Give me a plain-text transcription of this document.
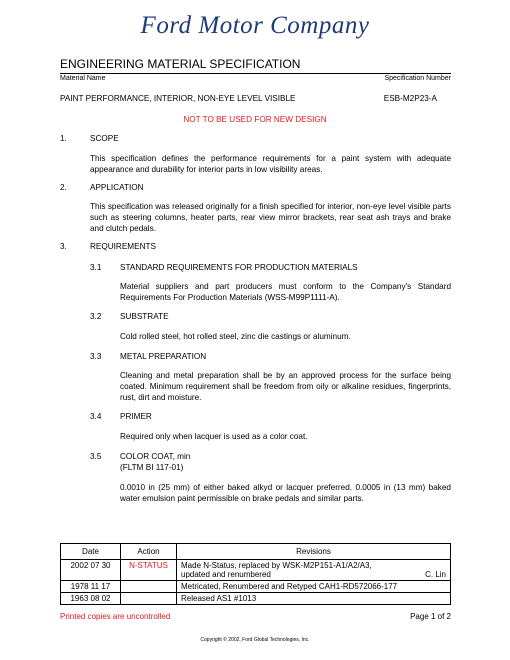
Ford Motor Company
ENGINEERING MATERIAL SPECIFICATION
Material Name	Specification Number
PAINT PERFORMANCE, INTERIOR, NON-EYE LEVEL VISIBLE	ESB-M2P23-A
NOT TO BE USED FOR NEW DESIGN
1.	SCOPE
This specification defines the performance requirements for a paint system with adequate appearance and durability for interior parts in low visibility areas.
2.	APPLICATION
This specification was released originally for a finish specified for interior, non-eye level visible parts such as steering columns, heater parts, rear view mirror brackets, rear seat ash trays and brake and clutch pedals.
3.	REQUIREMENTS
3.1 STANDARD REQUIREMENTS FOR PRODUCTION MATERIALS
Material suppliers and part producers must conform to the Company's Standard Requirements For Production Materials (WSS-M99P1111-A).
3.2 SUBSTRATE
Cold rolled steel, hot rolled steel, zinc die castings or aluminum.
3.3 METAL PREPARATION
Cleaning and metal preparation shall be by an approved process for the surface being coated. Minimum requirement shall be freedom from oily or alkaline residues, fingerprints, rust, dirt and moisture.
3.4 PRIMER
Required only when lacquer is used as a color coat.
3.5 COLOR COAT, min
(FLTM BI 117-01)
0.0010 in (25 mm) of either baked alkyd or lacquer preferred. 0.0005 in (13 mm) baked water emulsion paint permissible on brake pedals and similar parts.
Date	Action	Revisions
2002 07 30	N-STATUS	Made N-Status, replaced by WSK-M2P151-A1/A2/A3,
updated and renumbered C. Lin

1978 11 17		Metricated, Renumbered and Retyped CAH1-RD572066-177
1963 08 02		Released AS1 #1013
Printed copies are uncontrolled	Page 1 of 2
Copyright © 2002, Ford Global Technologies, Inc.
